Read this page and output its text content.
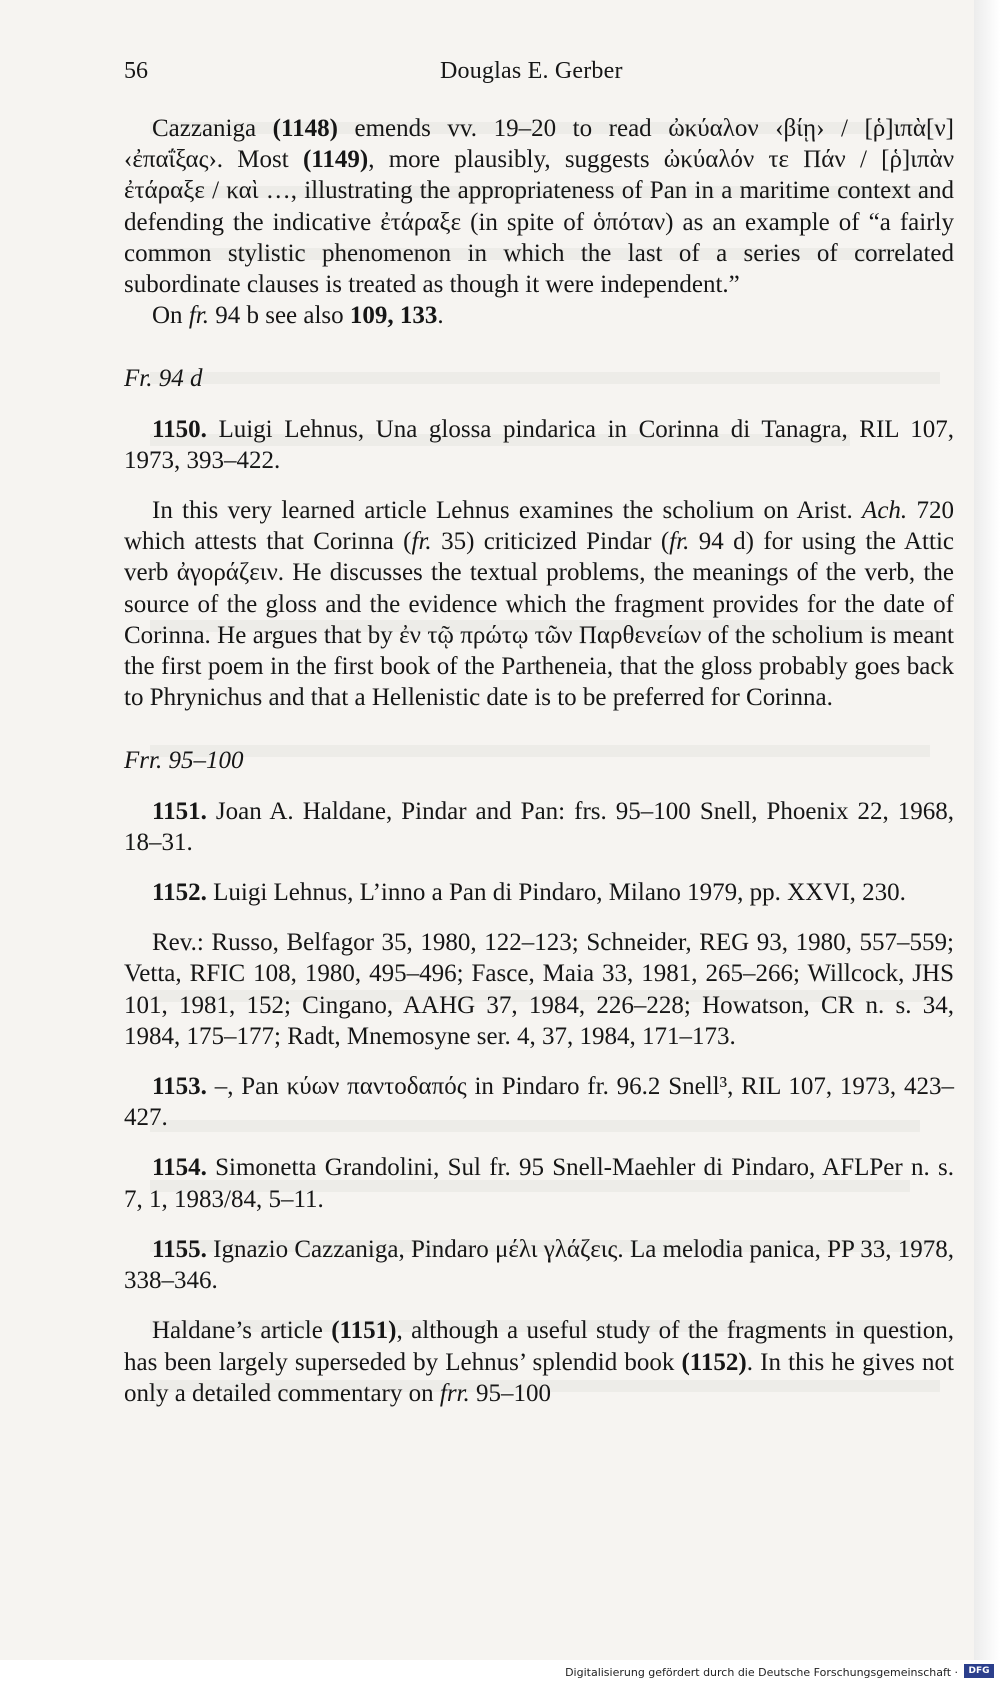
56	Douglas E. Gerber

Cazzaniga (1148) emends vv. 19–20 to read ὠκύαλον ‹βίῃ› / [ῥ]ιπὰ[ν] ‹ἐπαΐξας›. Most (1149), more plausibly, suggests ὠκύαλόν τε Πάν / [ῥ]ιπὰν ἐτάραξε / καὶ …, illustrating the appropriateness of Pan in a maritime context and defending the indicative ἐτάραξε (in spite of ὁπόταν) as an example of “a fairly common stylistic phenomenon in which the last of a series of correlated subordinate clauses is treated as though it were independent.”

On fr. 94 b see also 109, 133.

Fr. 94 d

1150. Luigi Lehnus, Una glossa pindarica in Corinna di Tanagra, RIL 107, 1973, 393–422.

In this very learned article Lehnus examines the scholium on Arist. Ach. 720 which attests that Corinna (fr. 35) criticized Pindar (fr. 94 d) for using the Attic verb ἀγοράζειν. He discusses the textual problems, the meanings of the verb, the source of the gloss and the evidence which the fragment provides for the date of Corinna. He argues that by ἐν τῷ πρώτῳ τῶν Παρθενείων of the scholium is meant the first poem in the first book of the Partheneia, that the gloss probably goes back to Phrynichus and that a Hellenistic date is to be preferred for Corinna.

Frr. 95–100

1151. Joan A. Haldane, Pindar and Pan: frs. 95–100 Snell, Phoenix 22, 1968, 18–31.

1152. Luigi Lehnus, L’inno a Pan di Pindaro, Milano 1979, pp. XXVI, 230.

Rev.: Russo, Belfagor 35, 1980, 122–123; Schneider, REG 93, 1980, 557–559; Vetta, RFIC 108, 1980, 495–496; Fasce, Maia 33, 1981, 265–266; Willcock, JHS 101, 1981, 152; Cingano, AAHG 37, 1984, 226–228; Howatson, CR n. s. 34, 1984, 175–177; Radt, Mnemosyne ser. 4, 37, 1984, 171–173.

1153. –, Pan κύων παντοδαπός in Pindaro fr. 96.2 Snell³, RIL 107, 1973, 423–427.

1154. Simonetta Grandolini, Sul fr. 95 Snell-Maehler di Pindaro, AFLPer n. s. 7, 1, 1983/84, 5–11.

1155. Ignazio Cazzaniga, Pindaro μέλι γλάζεις. La melodia panica, PP 33, 1978, 338–346.

Haldane’s article (1151), although a useful study of the fragments in question, has been largely superseded by Lehnus’ splendid book (1152). In this he gives not only a detailed commentary on frr. 95–100

Digitalisierung gefördert durch die Deutsche Forschungsgemeinschaft ·	DFG
